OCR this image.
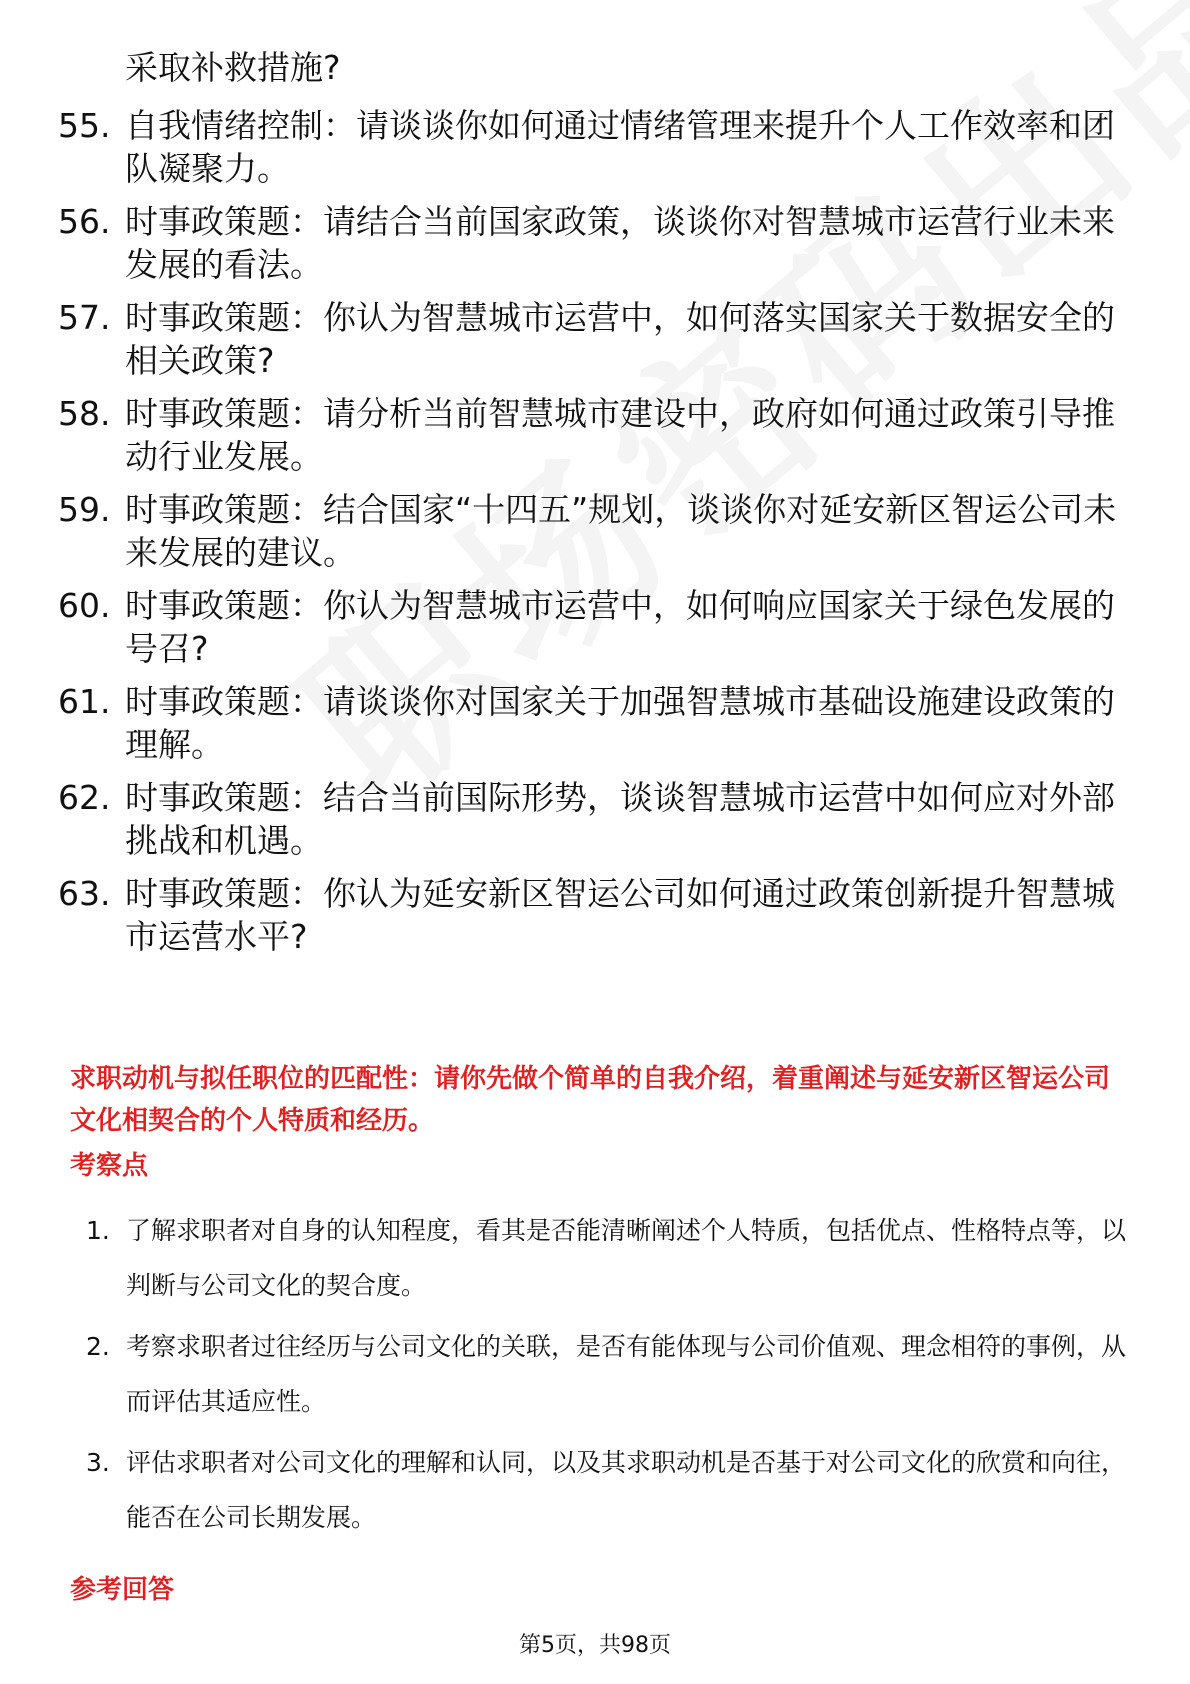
采取补救措施?
55. 自我情绪控制：请谈谈你如何通过情绪管理来提升个人工作效率和团队凝聚力。
56. 时事政策题：请结合当前国家政策，谈谈你对智慧城市运营行业未来发展的看法。
57. 时事政策题：你认为智慧城市运营中，如何落实国家关于数据安全的相关政策?
58. 时事政策题：请分析当前智慧城市建设中，政府如何通过政策引导推动行业发展。
59. 时事政策题：结合国家“十四五”规划，谈谈你对延安新区智运公司未来发展的建议。
60. 时事政策题：你认为智慧城市运营中，如何响应国家关于绿色发展的号召?
61. 时事政策题：请谈谈你对国家关于加强智慧城市基础设施建设政策的理解。
62. 时事政策题：结合当前国际形势，谈谈智慧城市运营中如何应对外部挑战和机遇。
63. 时事政策题：你认为延安新区智运公司如何通过政策创新提升智慧城市运营水平?
求职动机与拟任职位的匹配性：请你先做个简单的自我介绍，着重阐述与延安新区智运公司文化相契合的个人特质和经历。
考察点
1. 了解求职者对自身的认知程度，看其是否能清晰阐述个人特质，包括优点、性格特点等，以判断与公司文化的契合度。
2. 考察求职者过往经历与公司文化的关联，是否有能体现与公司价值观、理念相符的事例，从而评估其适应性。
3. 评估求职者对公司文化的理解和认同，以及其求职动机是否基于对公司文化的欣赏和向往，能否在公司长期发展。
参考回答
第5页，共98页
